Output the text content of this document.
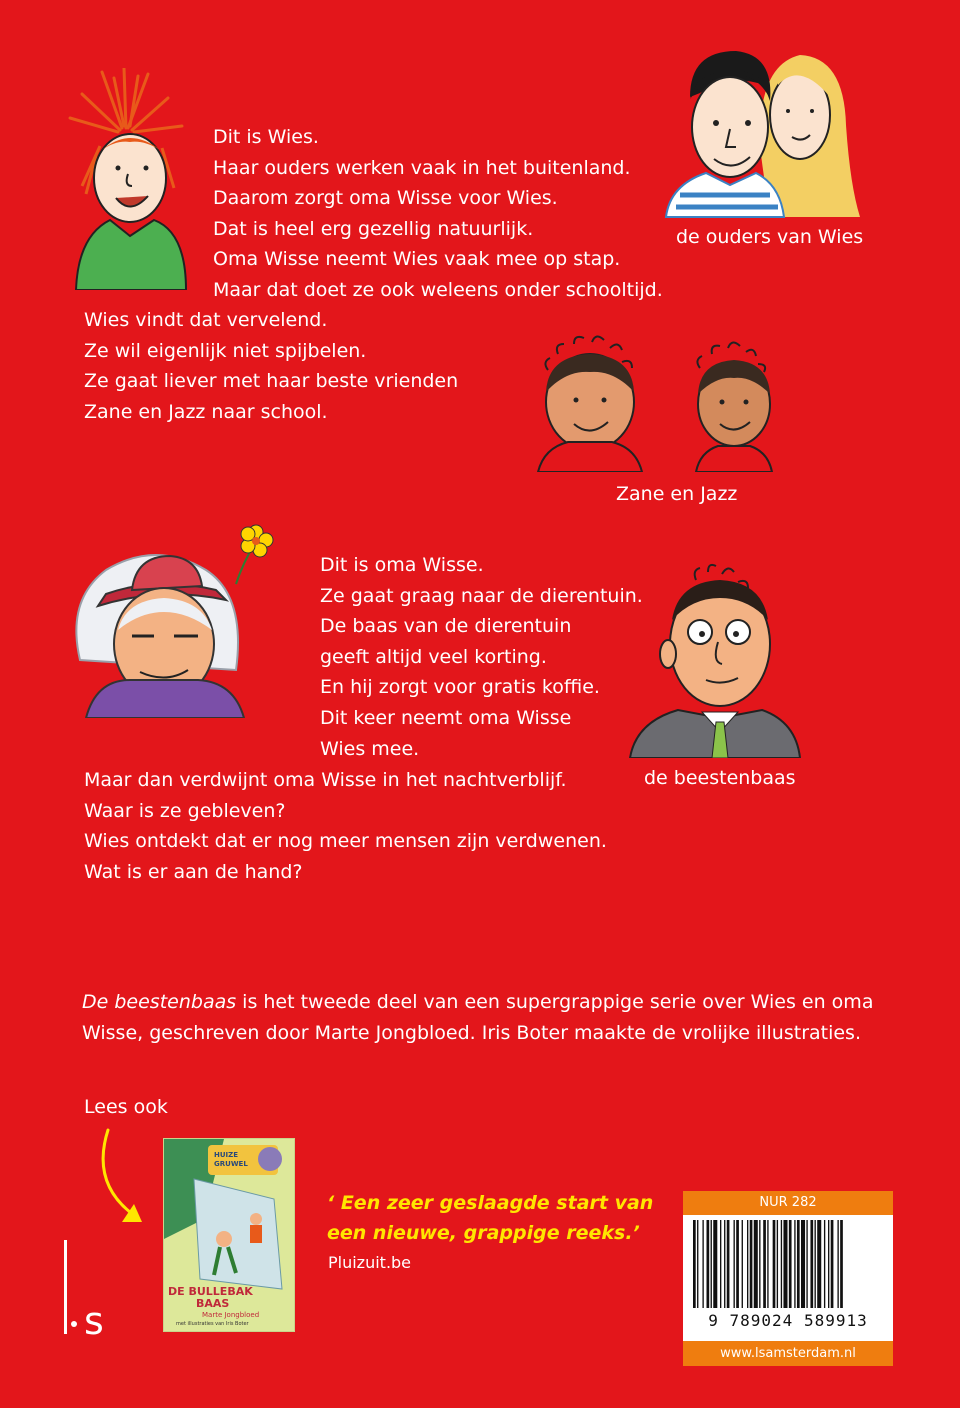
Dit is Wies.
Haar ouders werken vaak in het buitenland.
Daarom zorgt oma Wisse voor Wies.
Dat is heel erg gezellig natuurlijk.
Oma Wisse neemt Wies vaak mee op stap.
Maar dat doet ze ook weleens onder schooltijd.
Wies vindt dat vervelend.
Ze wil eigenlijk niet spijbelen.
Ze gaat liever met haar beste vrienden
Zane en Jazz naar school.
de ouders van Wies
Zane en Jazz
Dit is oma Wisse.
Ze gaat graag naar de dierentuin.
De baas van de dierentuin
geeft altijd veel korting.
En hij zorgt voor gratis koffie.
Dit keer neemt oma Wisse
Wies mee.
Maar dan verdwijnt oma Wisse in het nachtverblijf.
Waar is ze gebleven?
Wies ontdekt dat er nog meer mensen zijn verdwenen.
Wat is er aan de hand?
de beestenbaas
De beestenbaas is het tweede deel van een supergrappige serie over Wies en oma Wisse, geschreven door Marte Jongbloed. Iris Boter maakte de vrolijke illustraties.
Lees ook
s
HUIZE GRUWEL
DE BULLEBAK
BAAS
Marte Jongbloed
met illustraties van Iris Boter
‘ Een zeer geslaagde start van
een nieuwe, grappige reeks.’
Pluizuit.be
NUR 282
9 789024 589913
www.lsamsterdam.nl
